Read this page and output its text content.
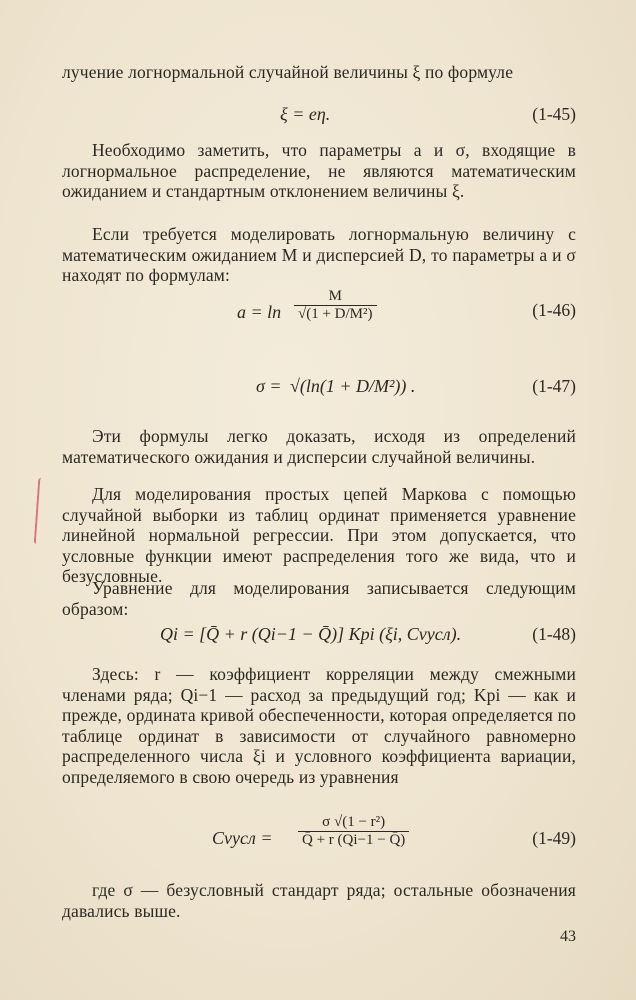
лучение логнормальной случайной величины ξ по формуле
ξ = eη.	(1-45)
Необходимо заметить, что параметры a и σ, входящие в логнормальное распределение, не являются математическим ожиданием и стандартным отклонением величины ξ.
Если требуется моделировать логнормальную величину с математическим ожиданием M и дисперсией D, то параметры a и σ находят по формулам:
$a = \ln \frac{M}{\text{√(1 + D/M²)}}$	(1-46)
σ = √(ln(1 + D/M²)) .	(1-47)
Эти формулы легко доказать, исходя из определений математического ожидания и дисперсии случайной величины.
Для моделирования простых цепей Маркова с помощью случайной выборки из таблиц ординат применяется уравнение линейной нормальной регрессии. При этом допускается, что условные функции имеют распределения того же вида, что и безусловные.
Уравнение для моделирования записывается следующим образом:
Qi = [Q̄ + r (Qi−1 − Q̄)] Kpi (ξi, Cvусл).	(1-48)
Здесь: r — коэффициент корреляции между смежными членами ряда; Qi−1 — расход за предыдущий год; Kpi — как и прежде, ордината кривой обеспеченности, которая определяется по таблице ординат в зависимости от случайного равномерно распределенного числа ξi и условного коэффициента вариации, определяемого в свою очередь из уравнения
Cvусл = $\frac{\text{σ √(1 − r²)}}{Q̄ + r (Qi-1 - Q̄)}$	(1-49)
где σ — безусловный стандарт ряда; остальные обозначения давались выше.
43
